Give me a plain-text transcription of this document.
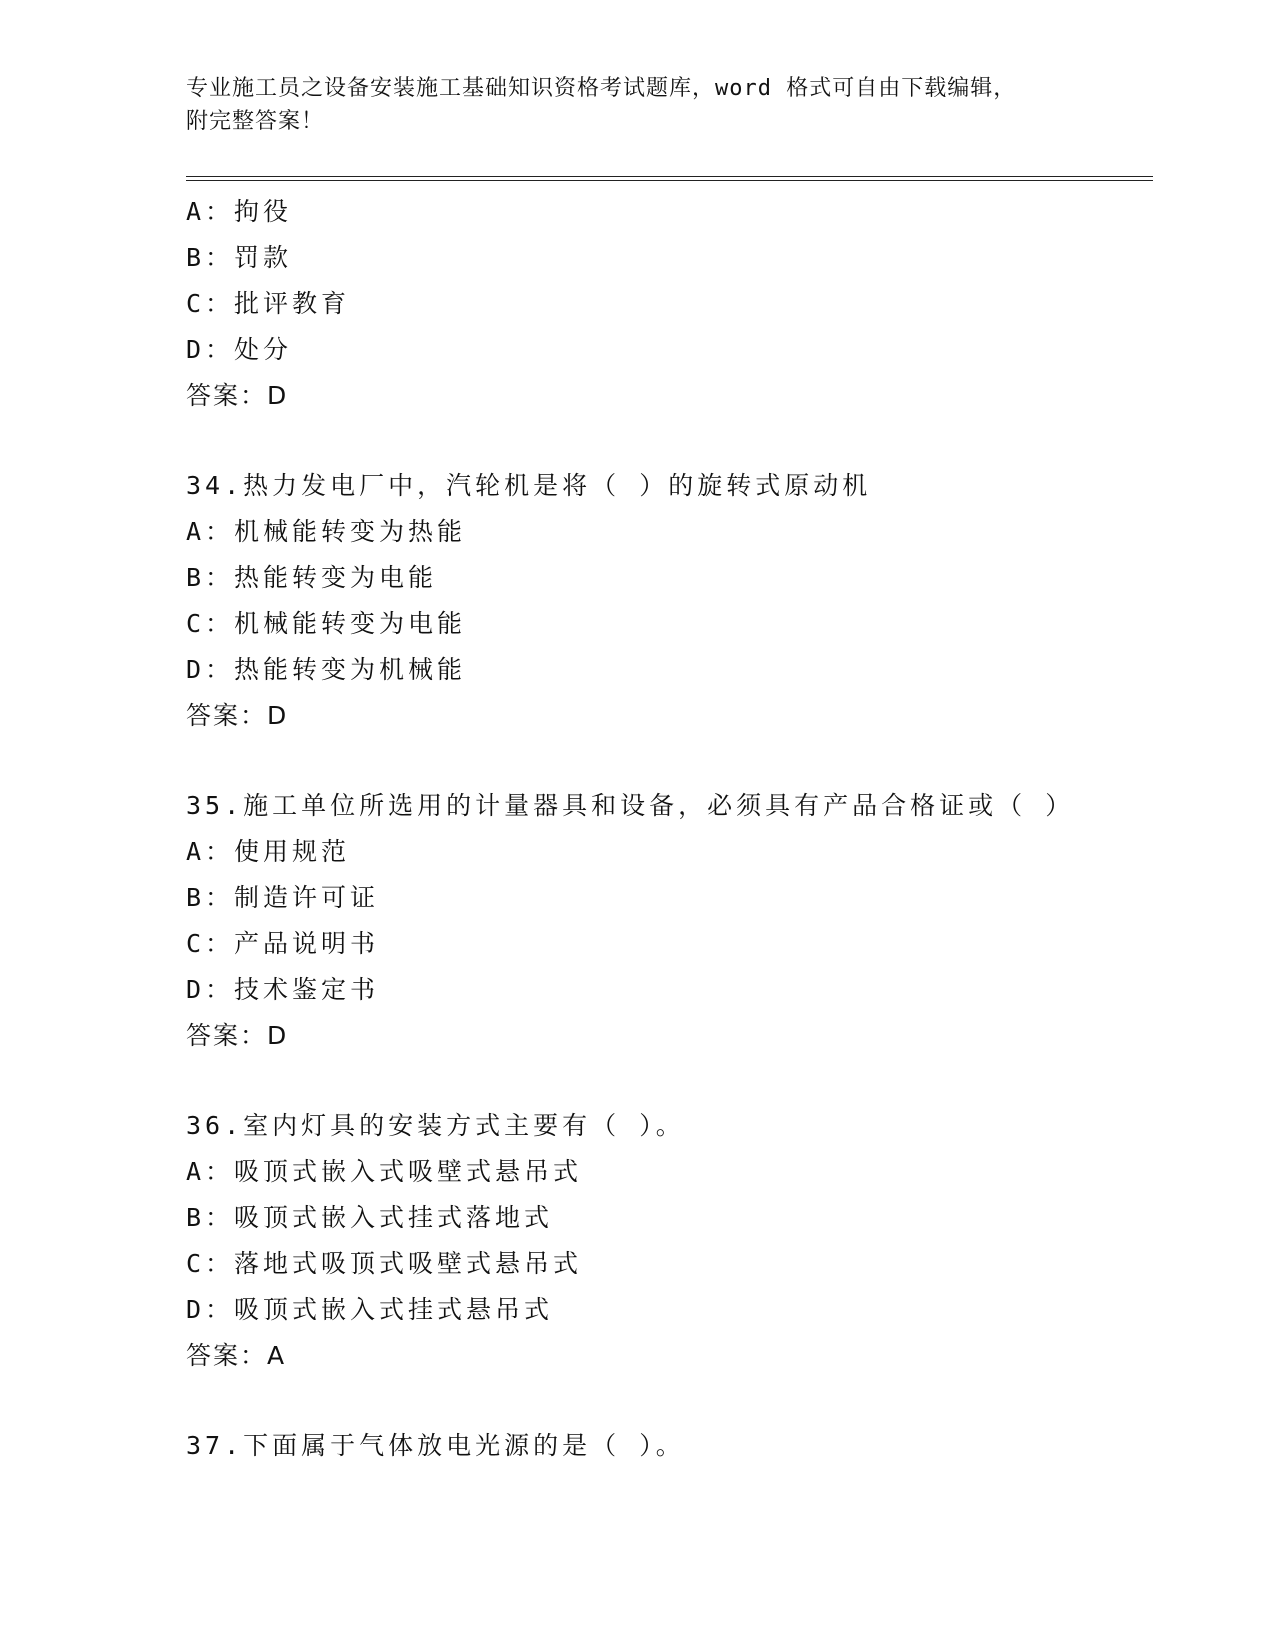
专业施工员之设备安装施工基础知识资格考试题库，word 格式可自由下载编辑，
附完整答案！
A：拘役
B：罚款
C：批评教育
D：处分
答案：D
34.热力发电厂中，汽轮机是将（ ）的旋转式原动机
A：机械能转变为热能
B：热能转变为电能
C：机械能转变为电能
D：热能转变为机械能
答案：D
35.施工单位所选用的计量器具和设备，必须具有产品合格证或（ ）
A：使用规范
B：制造许可证
C：产品说明书
D：技术鉴定书
答案：D
36.室内灯具的安装方式主要有（ ）。
A：吸顶式嵌入式吸壁式悬吊式
B：吸顶式嵌入式挂式落地式
C：落地式吸顶式吸壁式悬吊式
D：吸顶式嵌入式挂式悬吊式
答案：A
37.下面属于气体放电光源的是（ ）。
